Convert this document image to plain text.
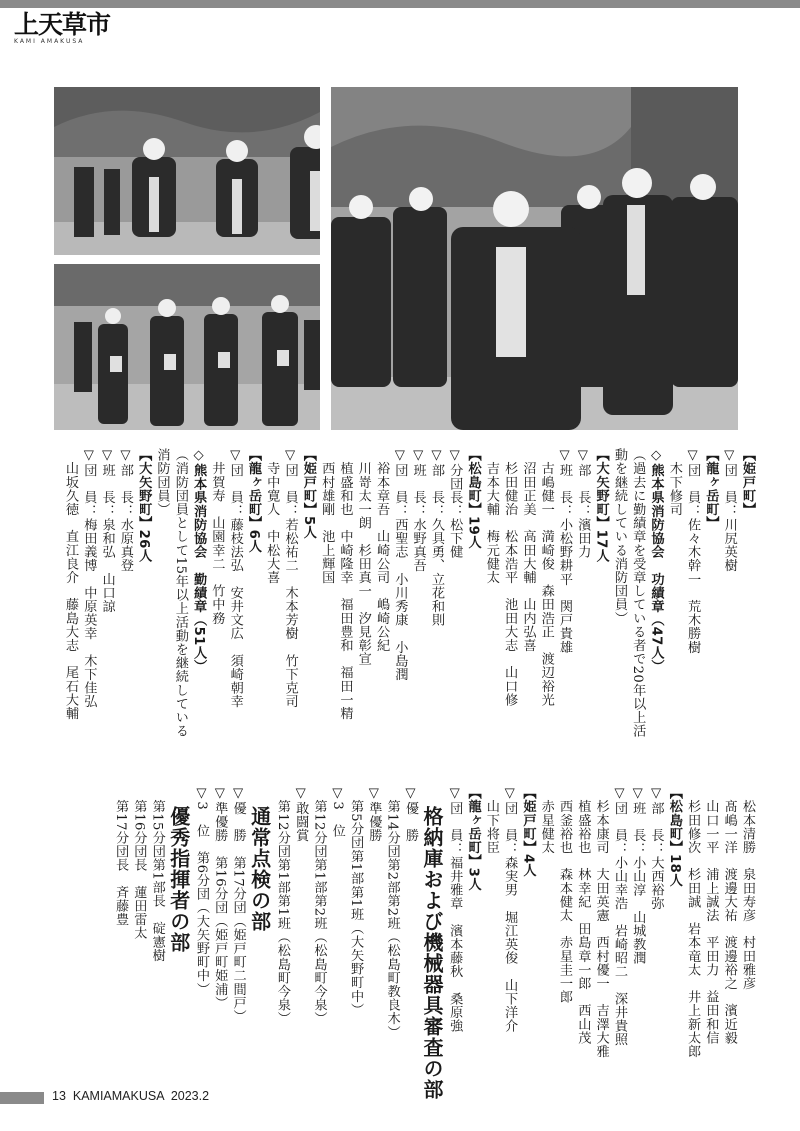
上天草市
KAMI AMAKUSA

【姫戸町】

▽団　員：川尻英樹

【龍ヶ岳町】

▽団　員：佐々木幹一　荒木勝樹

　木下修司

◇熊本県消防協会　功績章（47人）

（過去に勤績章を受章している者で20年以上活

動を継続している消防団員）

【大矢野町】17人

▽部　長：濱田力

▽班　長：小松野耕平　関戸貴雄

　古嶋健一　満崎俊　森田浩正　渡辺裕光

　沼田正美　高田大輔　山内弘喜

　杉田健治　松本浩平　池田大志　山口修

　吉本大輔　梅元健太

【松島町】19人

▽分団長：松下健

▽部　長：久具勇、立花和則

▽班　長：水野真吾

▽団　員：西聖志　小川秀康　小島潤

　裕本章吾　山崎公司　嶋崎公紀

　川嵜太一朗　杉田真一　汐見彰宣

　植盛和也　中崎隆幸　福田豊和　福田一精

　西村雄剛　池上輝国

【姫戸町】5人

▽団　員：若松祐二　木本芳樹　竹下克司

　寺中寛人　中松大喜

【龍ヶ岳町】6人

▽団　員：藤枝法弘　安井文広　須崎朝幸

　井賀寿　山園幸二　竹中務

◇熊本県消防協会　勤績章（51人）

（消防団員として15年以上活動を継続している

消防団員）

【大矢野町】26人

▽部　長：水原真登

▽班　長：泉和弘　山口諒

▽団　員：梅田義博　中原英幸　木下佳弘

　山坂久徳　直江良介　藤島大志　尾石大輔

　松本清勝　泉田寿彦　村田雅彦

　髙嶋一洋　渡邊大祐　渡邊裕之　濱近毅

　山口一平　浦上誠法　平田力　益田和信

　杉田修次　杉田誠　岩本竜太　井上新太郎

【松島町】18人

▽部　長：大西裕弥

▽班　長：小山淳　山城教潤

▽団　員：小山幸浩　岩崎昭二　深井貴照

　杉本康司　大田英憲　西村優一　吉澤大雅

　植盛裕也　林幸紀　田島章一郎　西山茂

　西釜裕也　森本健太　赤星圭一郎

　赤星健太

【姫戸町】4人

▽団　員：森実男　堀江英俊　山下洋介

　山下将臣

【龍ヶ岳町】3人

▽団　員：福井雅章　濱本藤秋　桑原強

格納庫および機械器具審査の部

▽優　勝

　第14分団第2部第2班（松島町教良木）

▽準優勝

　第5分団第1部第1班（大矢野町中）

▽3　位

　第12分団第1部第2班（松島町今泉）

▽敢闘賞

　第12分団第1部第1班（松島町今泉）

通常点検の部

▽優　勝　第17分団（姫戸町二間戸）

▽準優勝　第16分団（姫戸町姫浦）

▽3　位　第6分団（大矢野町中）

優秀指揮者の部

　第15分団第1部長　碇憲樹

　第16分団長　蓮田雷太

　第17分団長　斉藤豊

13 KAMIAMAKUSA 2023.2
